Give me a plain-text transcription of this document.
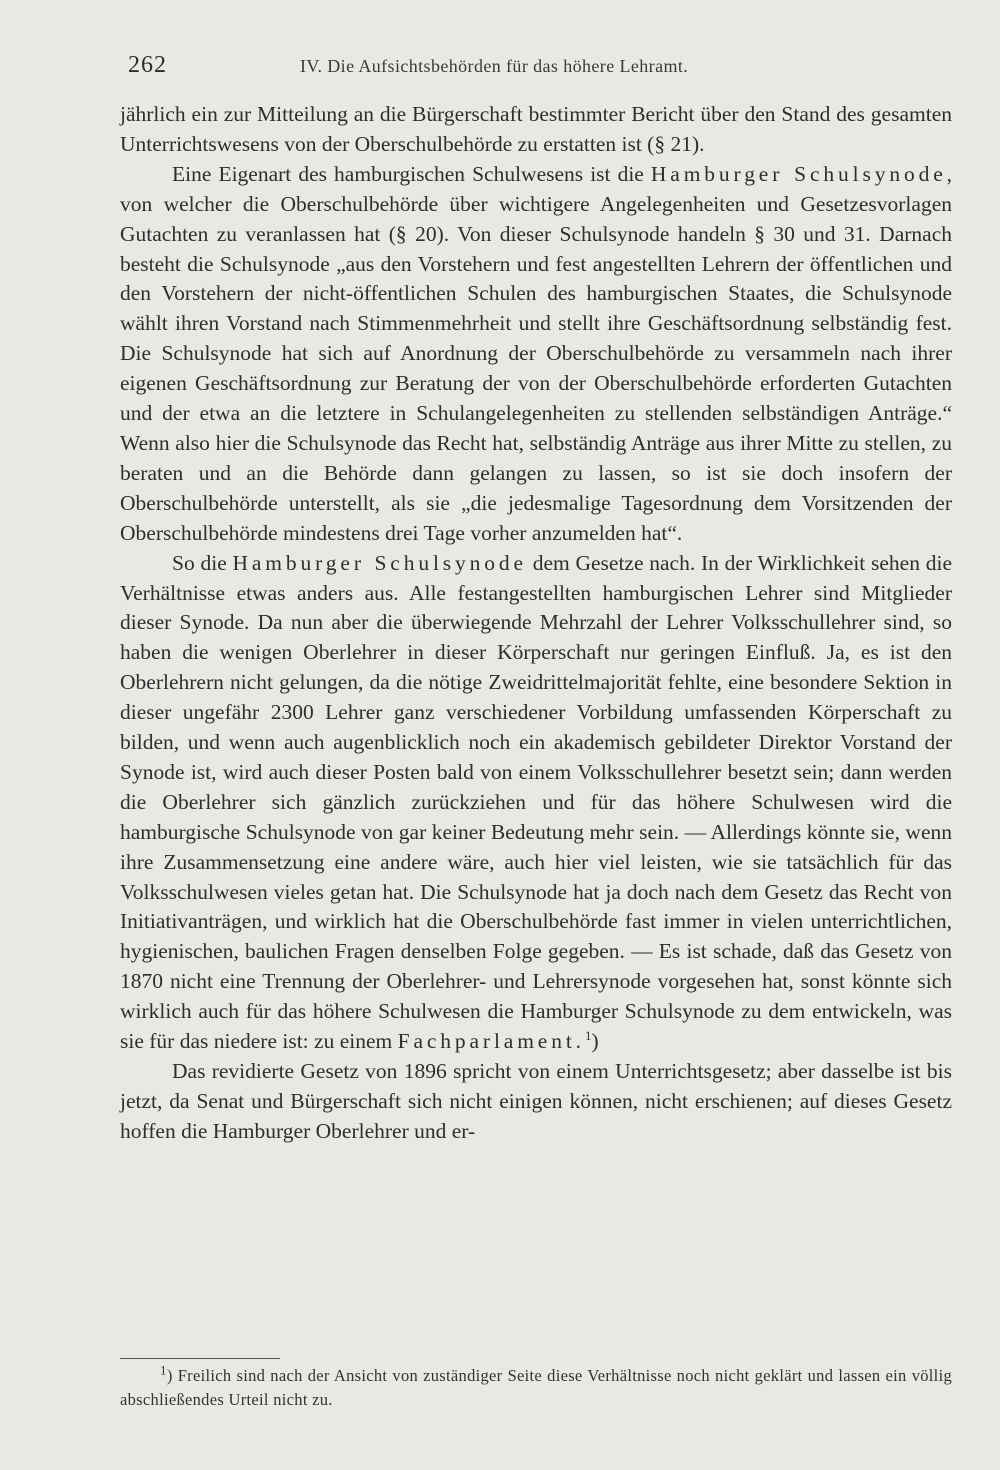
262	IV. Die Aufsichtsbehörden für das höhere Lehramt.

jährlich ein zur Mitteilung an die Bürgerschaft bestimmter Bericht über den Stand des gesamten Unterrichtswesens von der Oberschulbehörde zu erstatten ist (§ 21).

Eine Eigenart des hamburgischen Schulwesens ist die Hamburger Schulsynode, von welcher die Oberschulbehörde über wichtigere Angelegenheiten und Gesetzesvorlagen Gutachten zu veranlassen hat (§ 20). Von dieser Schulsynode handeln § 30 und 31. Darnach besteht die Schulsynode „aus den Vorstehern und fest angestellten Lehrern der öffentlichen und den Vorstehern der nicht-öffentlichen Schulen des hamburgischen Staates, die Schulsynode wählt ihren Vorstand nach Stimmenmehrheit und stellt ihre Geschäftsordnung selbständig fest. Die Schulsynode hat sich auf Anordnung der Oberschulbehörde zu versammeln nach ihrer eigenen Geschäftsordnung zur Beratung der von der Oberschulbehörde erforderten Gutachten und der etwa an die letztere in Schulangelegenheiten zu stellenden selbständigen Anträge.“ Wenn also hier die Schulsynode das Recht hat, selbständig Anträge aus ihrer Mitte zu stellen, zu beraten und an die Behörde dann gelangen zu lassen, so ist sie doch insofern der Oberschulbehörde unterstellt, als sie „die jedesmalige Tagesordnung dem Vorsitzenden der Oberschulbehörde mindestens drei Tage vorher anzumelden hat“.

So die Hamburger Schulsynode dem Gesetze nach. In der Wirklichkeit sehen die Verhältnisse etwas anders aus. Alle festangestellten hamburgischen Lehrer sind Mitglieder dieser Synode. Da nun aber die überwiegende Mehrzahl der Lehrer Volksschullehrer sind, so haben die wenigen Oberlehrer in dieser Körperschaft nur geringen Einfluß. Ja, es ist den Oberlehrern nicht gelungen, da die nötige Zweidrittelmajorität fehlte, eine besondere Sektion in dieser ungefähr 2300 Lehrer ganz verschiedener Vorbildung umfassenden Körperschaft zu bilden, und wenn auch augenblicklich noch ein akademisch gebildeter Direktor Vorstand der Synode ist, wird auch dieser Posten bald von einem Volksschullehrer besetzt sein; dann werden die Oberlehrer sich gänzlich zurückziehen und für das höhere Schulwesen wird die hamburgische Schulsynode von gar keiner Bedeutung mehr sein. — Allerdings könnte sie, wenn ihre Zusammensetzung eine andere wäre, auch hier viel leisten, wie sie tatsächlich für das Volksschulwesen vieles getan hat. Die Schulsynode hat ja doch nach dem Gesetz das Recht von Initiativanträgen, und wirklich hat die Oberschulbehörde fast immer in vielen unterrichtlichen, hygienischen, baulichen Fragen denselben Folge gegeben. — Es ist schade, daß das Gesetz von 1870 nicht eine Trennung der Oberlehrer- und Lehrersynode vorgesehen hat, sonst könnte sich wirklich auch für das höhere Schulwesen die Hamburger Schulsynode zu dem entwickeln, was sie für das niedere ist: zu einem Fachparlament.$^1$)

Das revidierte Gesetz von 1896 spricht von einem Unterrichtsgesetz; aber dasselbe ist bis jetzt, da Senat und Bürgerschaft sich nicht einigen können, nicht erschienen; auf dieses Gesetz hoffen die Hamburger Oberlehrer und er-

$^1$) Freilich sind nach der Ansicht von zuständiger Seite diese Verhältnisse noch nicht geklärt und lassen ein völlig abschließendes Urteil nicht zu.
